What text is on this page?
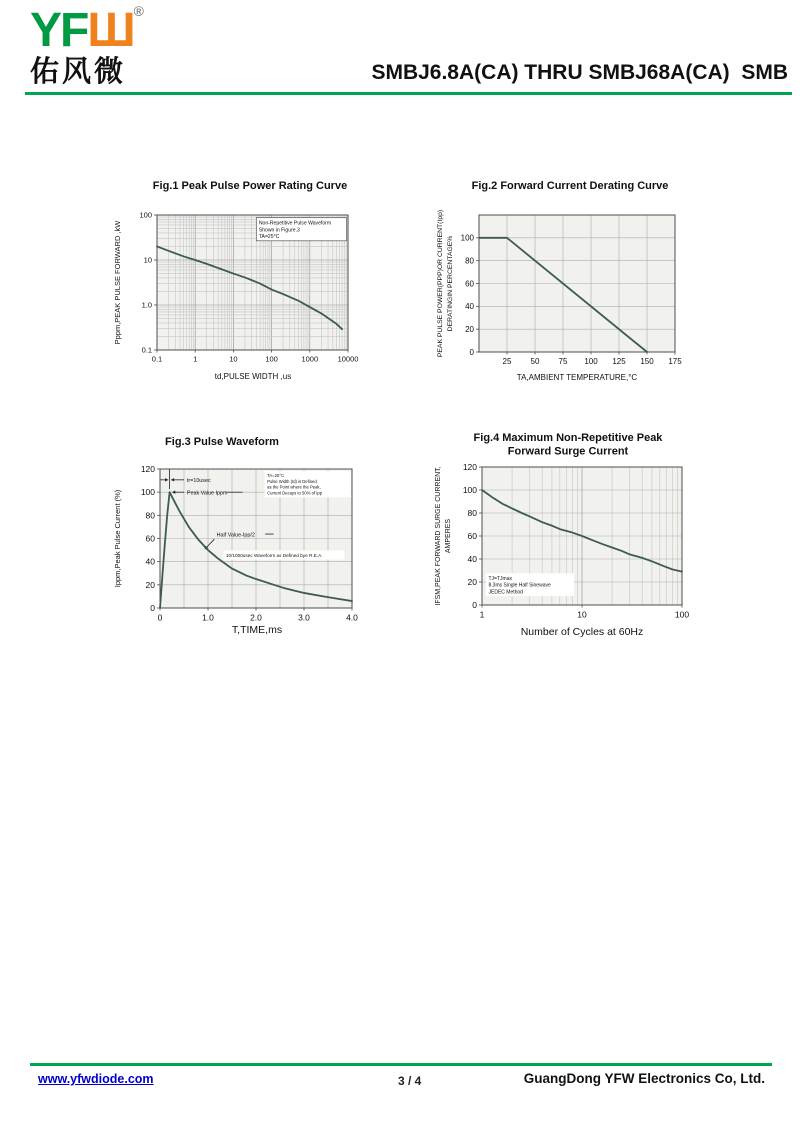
YFШ®
佑风微	SMBJ6.8A(CA) THRU SMBJ68A(CA)  SMB
Non-Repetitive Pulse Waveform
Shown in Figure.3
TA=25°C
0.1	1	10	100	1000	10000
0.1
1.0
10
100
Fig.1 Peak Pulse Power Rating Curve
td,PULSE WIDTH ,us
Pppm,PEAK PULSE FORWARD ,kW
25 50 75 100 125 150 175
0
20
40
60
80
100
Fig.2 Forward Current Derating Curve
TA,AMBIENT TEMPERATURE,°C
PEAK PULSE POWER(PPP)OR CURRENT(Ipp) DERATINGIN PERCENTAGE%
tr=10usec
Peak Value Ippm
Half Value-Ipp/2
TA=25°C
Pulse Width (td) is Defined
as the Point where the Peak,
Current Decays to 50% of Ipp
10/1000usec Waveform as Defined bye R.E.A.
0	1.0	2.0	3.0	4.0
0
20
40
60
80
100
120
Fig.3 Pulse Waveform
T,TIME,ms
Ippm,Peak Pulse Current (%)	TJ=TJmax
8.3ms Single Half Sinewave
JEDEC Method
1	10	100
0
20
40
60
80
100
120
Fig.4 Maximum Non-Repetitive Peak
Forward Surge Current
Number of Cycles at 60Hz
IFSM,PEAK FORWARD SURGE CURRENT, AMPERES
www.yfwdiode.com	3 / 4	GuangDong YFW Electronics Co, Ltd.
